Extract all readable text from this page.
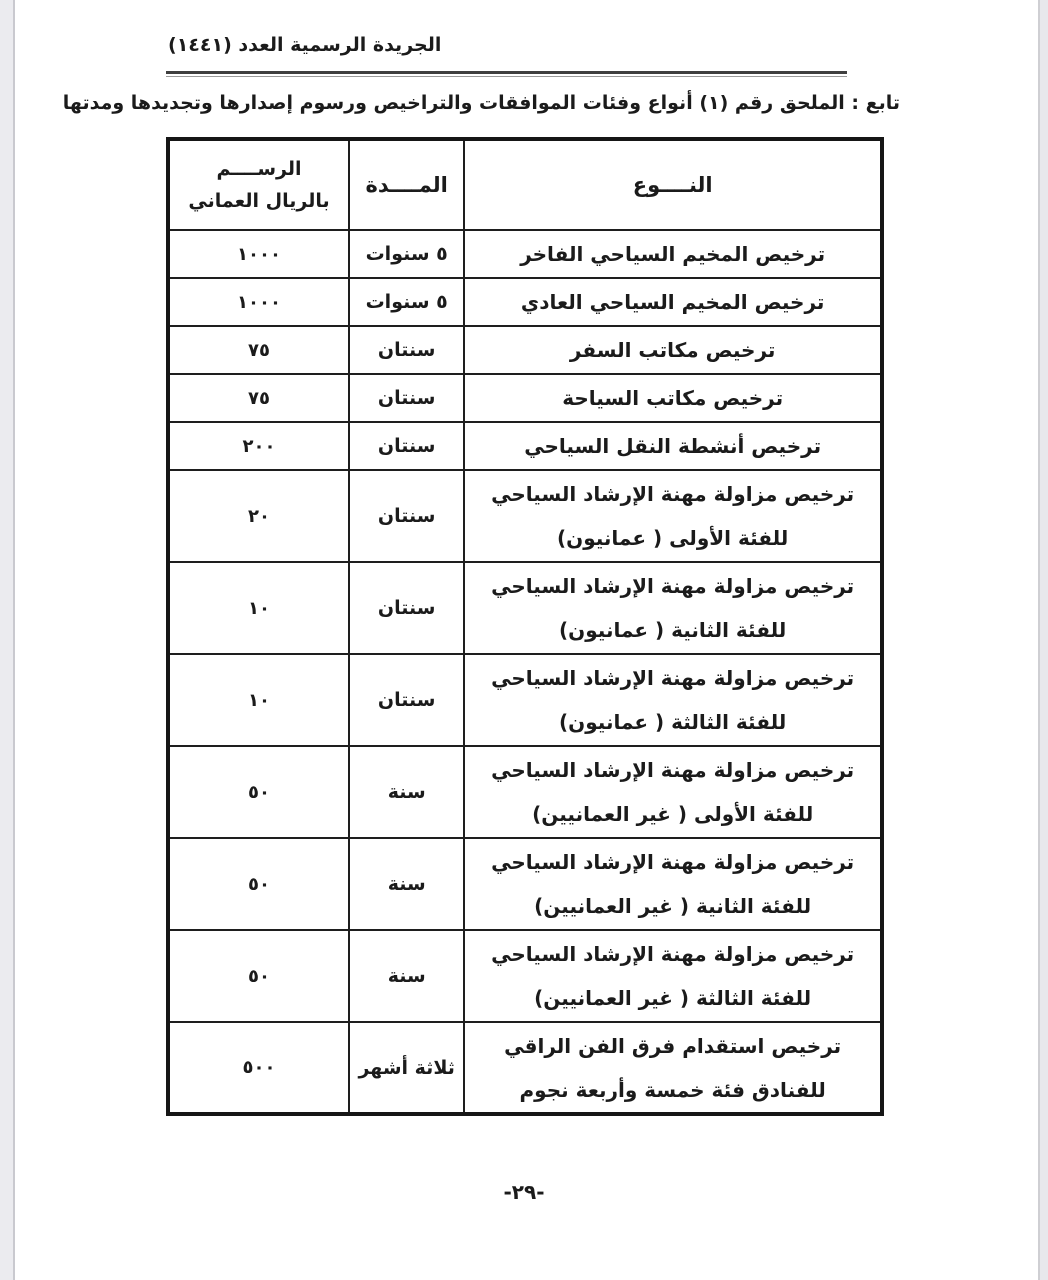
الجريدة الرسمية العدد (١٤٤١)
تابع : الملحق رقم (١) أنواع وفئات الموافقات والتراخيص ورسوم إصدارها وتجديدها ومدتها
النــــوع	المــــدة	الرســــم
بالريال العماني

ترخيص المخيم السياحي الفاخر	٥ سنوات	١٠٠٠

ترخيص المخيم السياحي العادي	٥ سنوات	١٠٠٠

ترخيص مكاتب السفر	سنتان	٧٥

ترخيص مكاتب السياحة	سنتان	٧٥

ترخيص أنشطة النقل السياحي	سنتان	٢٠٠

ترخيص مزاولة مهنة الإرشاد السياحي
للفئة الأولى ( عمانيون)	سنتان	٢٠

ترخيص مزاولة مهنة الإرشاد السياحي
للفئة الثانية ( عمانيون)	سنتان	١٠

ترخيص مزاولة مهنة الإرشاد السياحي
للفئة الثالثة ( عمانيون)	سنتان	١٠

ترخيص مزاولة مهنة الإرشاد السياحي
للفئة الأولى ( غير العمانيين)	سنة	٥٠

ترخيص مزاولة مهنة الإرشاد السياحي
للفئة الثانية ( غير العمانيين)	سنة	٥٠

ترخيص مزاولة مهنة الإرشاد السياحي
للفئة الثالثة ( غير العمانيين)	سنة	٥٠

ترخيص استقدام فرق الفن الراقي
للفنادق فئة خمسة وأربعة نجوم	ثلاثة أشهر	٥٠٠
-٢٩-
